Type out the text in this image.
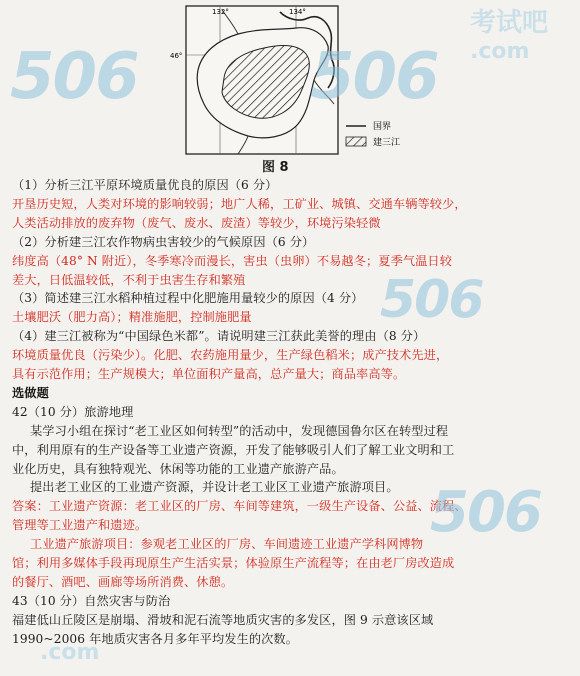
132°	134°
46°
国界
建三江
图 8
（1）分析三江平原环境质量优良的原因（6 分）
开垦历史短，人类对环境的影响较弱；地广人稀，工矿业、城镇、交通车辆等较少，
人类活动排放的废弃物（废气、废水、废渣）等较少，环境污染轻微
（2）分析建三江农作物病虫害较少的气候原因（6 分）
纬度高（48° N 附近），冬季寒冷而漫长，害虫（虫卵）不易越冬；夏季气温日较
差大，日低温较低，不利于虫害生存和繁殖
（3）简述建三江水稻种植过程中化肥施用量较少的原因（4 分）
土壤肥沃（肥力高）；精准施肥，控制施肥量
（4）建三江被称为“中国绿色米都”。请说明建三江获此美誉的理由（8 分）
环境质量优良（污染少）。化肥、农药施用量少，生产绿色稻米；成产技术先进，
具有示范作用；生产规模大；单位面积产量高，总产量大；商品率高等。
选做题
42（10 分）旅游地理
某学习小组在探讨“老工业区如何转型”的活动中，发现德国鲁尔区在转型过程
中，利用原有的生产设备等工业遗产资源，开发了能够吸引人们了解工业文明和工
业化历史，具有独特观光、休闲等功能的工业遗产旅游产品。
提出老工业区的工业遗产资源，并设计老工业区工业遗产旅游项目。
答案：工业遗产资源：老工业区的厂房、车间等建筑，一级生产设备、公益、流程、
管理等工业遗产和遗迹。
工业遗产旅游项目：参观老工业区的厂房、车间遗迹工业遗产学科网博物
馆；利用多媒体手段再现原生产生活实景；体验原生产流程等；在由老厂房改造成
的餐厅、酒吧、画廊等场所消费、休憩。
43（10 分）自然灾害与防治
福建低山丘陵区是崩塌、滑坡和泥石流等地质灾害的多发区，图 9 示意该区域
1990~2006 年地质灾害各月多年平均发生的次数。
506
考试吧
.com
506
506
506
.com
